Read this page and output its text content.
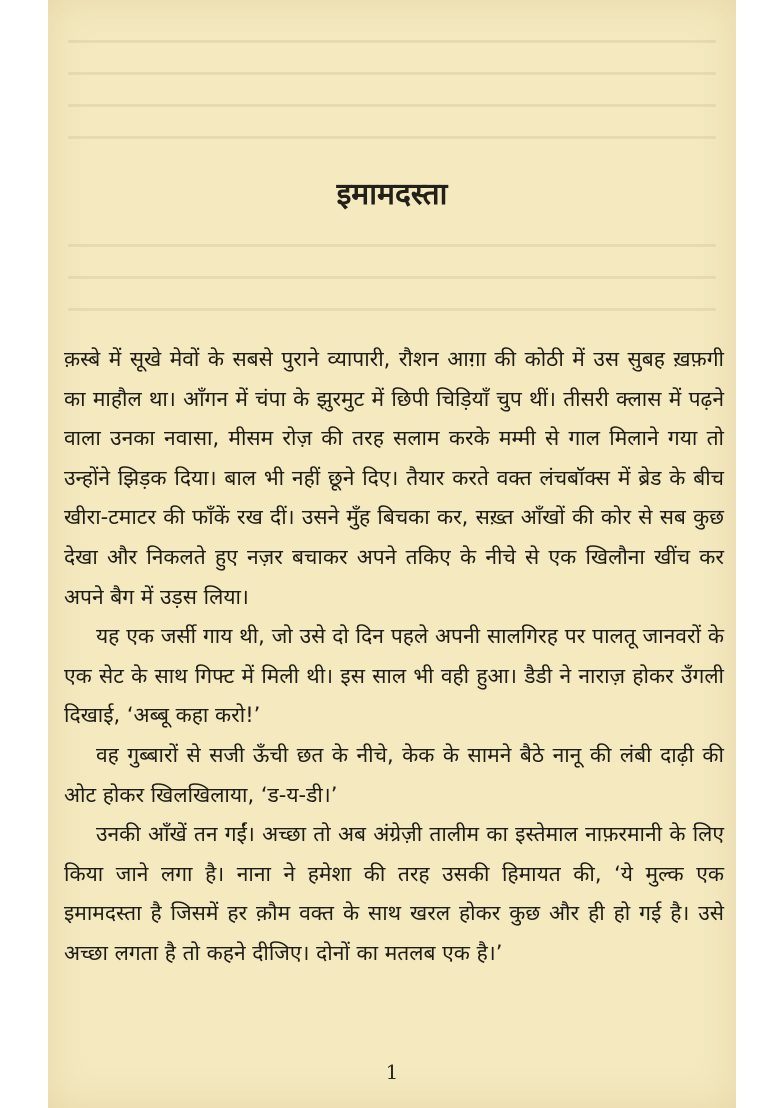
इमामदस्ता

क़स्बे में सूखे मेवों के सबसे पुराने व्यापारी, रौशन आग़ा की कोठी में उस सुबह ख़फ़गी का माहौल था। आँगन में चंपा के झुरमुट में छिपी चिड़ियाँ चुप थीं। तीसरी क्लास में पढ़ने वाला उनका नवासा, मीसम रोज़ की तरह सलाम करके मम्मी से गाल मिलाने गया तो उन्होंने झिड़क दिया। बाल भी नहीं छूने दिए। तैयार करते वक्त लंचबॉक्स में ब्रेड के बीच खीरा-टमाटर की फाँकें रख दीं। उसने मुँह बिचका कर, सख़्त आँखों की कोर से सब कुछ देखा और निकलते हुए नज़र बचाकर अपने तकिए के नीचे से एक खिलौना खींच कर अपने बैग में उड़स लिया।

यह एक जर्सी गाय थी, जो उसे दो दिन पहले अपनी सालगिरह पर पालतू जानवरों के एक सेट के साथ गिफ्ट में मिली थी। इस साल भी वही हुआ। डैडी ने नाराज़ होकर उँगली दिखाई, ‘अब्बू कहा करो!’

वह गुब्बारों से सजी ऊँची छत के नीचे, केक के सामने बैठे नानू की लंबी दाढ़ी की ओट होकर खिलखिलाया, ‘ड-य-डी।’

उनकी आँखें तन गईं। अच्छा तो अब अंग्रेज़ी तालीम का इस्तेमाल नाफ़रमानी के लिए किया जाने लगा है। नाना ने हमेशा की तरह उसकी हिमायत की, ‘ये मुल्क एक इमामदस्ता है जिसमें हर क़ौम वक्त के साथ खरल होकर कुछ और ही हो गई है। उसे अच्छा लगता है तो कहने दीजिए। दोनों का मतलब एक है।’

1
